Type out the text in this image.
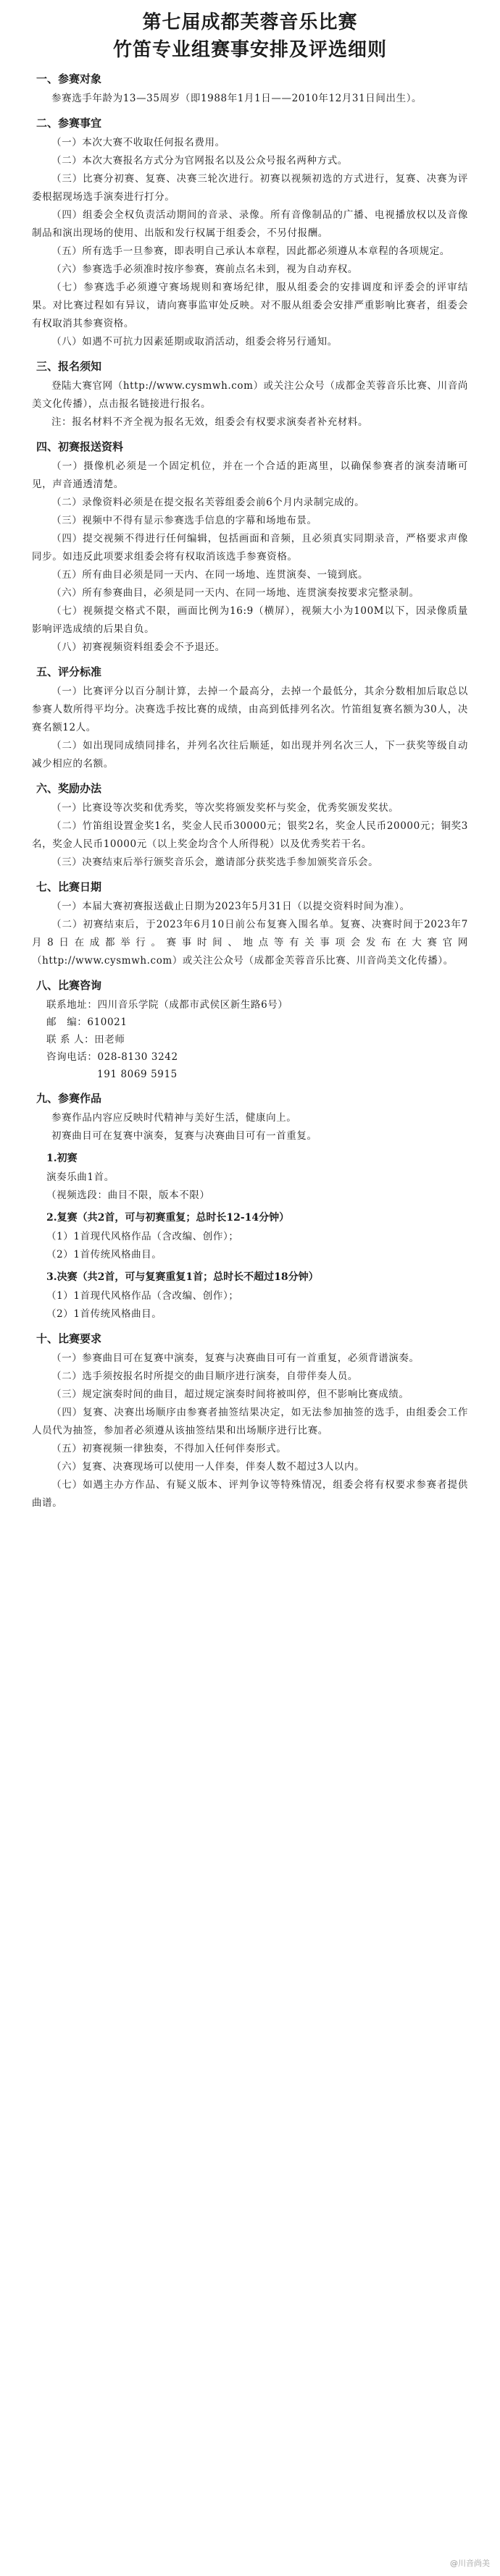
第七届成都芙蓉音乐比赛
竹笛专业组赛事安排及评选细则
一、参赛对象

参赛选手年龄为13—35周岁（即1988年1月1日——2010年12月31日间出生）。

二、参赛事宜

（一）本次大赛不收取任何报名费用。

（二）本次大赛报名方式分为官网报名以及公众号报名两种方式。

（三）比赛分初赛、复赛、决赛三轮次进行。初赛以视频初选的方式进行，复赛、决赛为评委根据现场选手演奏进行打分。

（四）组委会全权负责活动期间的音录、录像。所有音像制品的广播、电视播放权以及音像制品和演出现场的使用、出版和发行权属于组委会，不另付报酬。

（五）所有选手一旦参赛，即表明自己承认本章程，因此都必须遵从本章程的各项规定。

（六）参赛选手必须准时按序参赛，赛前点名未到，视为自动弃权。

（七）参赛选手必须遵守赛场规则和赛场纪律，服从组委会的安排调度和评委会的评审结果。对比赛过程如有异议，请向赛事监审处反映。对不服从组委会安排严重影响比赛者，组委会有权取消其参赛资格。

（八）如遇不可抗力因素延期或取消活动，组委会将另行通知。

三、报名须知

登陆大赛官网（http://www.cysmwh.com）或关注公众号（成都金芙蓉音乐比赛、川音尚美文化传播），点击报名链接进行报名。

注：报名材料不齐全视为报名无效，组委会有权要求演奏者补充材料。

四、初赛报送资料

（一）摄像机必须是一个固定机位，并在一个合适的距离里，以确保参赛者的演奏清晰可见，声音通透清楚。

（二）录像资料必须是在提交报名芙蓉组委会前6个月内录制完成的。

（三）视频中不得有显示参赛选手信息的字幕和场地布景。

（四）提交视频不得进行任何编辑，包括画面和音频，且必须真实同期录音，严格要求声像同步。如违反此项要求组委会将有权取消该选手参赛资格。

（五）所有曲目必须是同一天内、在同一场地、连贯演奏、一镜到底。

（六）所有参赛曲目，必须是同一天内、在同一场地、连贯演奏按要求完整录制。

（七）视频提交格式不限，画面比例为16:9（横屏），视频大小为100M以下，因录像质量影响评选成绩的后果自负。

（八）初赛视频资料组委会不予退还。

五、评分标准

（一）比赛评分以百分制计算，去掉一个最高分，去掉一个最低分，其余分数相加后取总以参赛人数所得平均分。决赛选手按比赛的成绩，由高到低排列名次。竹笛组复赛名额为30人，决赛名额12人。

（二）如出现同成绩同排名，并列名次往后顺延，如出现并列名次三人，下一获奖等级自动减少相应的名额。

六、奖励办法

（一）比赛设等次奖和优秀奖，等次奖将颁发奖杯与奖金，优秀奖颁发奖状。

（二）竹笛组设置金奖1名，奖金人民币30000元；银奖2名，奖金人民币20000元；铜奖3名，奖金人民币10000元（以上奖金均含个人所得税）以及优秀奖若干名。

（三）决赛结束后举行颁奖音乐会，邀请部分获奖选手参加颁奖音乐会。

七、比赛日期

（一）本届大赛初赛报送截止日期为2023年5月31日（以提交资料时间为准）。

（二）初赛结束后，于2023年6月10日前公布复赛入围名单。复赛、决赛时间于2023年7月8日在成都举行。赛事时间、地点等有关事项会发布在大赛官网（http://www.cysmwh.com）或关注公众号（成都金芙蓉音乐比赛、川音尚美文化传播）。

八、比赛咨询
联系地址：四川音乐学院（成都市武侯区新生路6号）
邮　编：610021
联 系 人：田老师
咨询电话：028-8130 3242
191 8069 5915
九、参赛作品

参赛作品内容应反映时代精神与美好生活，健康向上。

初赛曲目可在复赛中演奏，复赛与决赛曲目可有一首重复。

1.初赛
演奏乐曲1首。
（视频选段：曲目不限，版本不限）
2.复赛（共2首，可与初赛重复；总时长12-14分钟）
（1）1首现代风格作品（含改编、创作）；
（2）1首传统风格曲目。
3.决赛（共2首，可与复赛重复1首；总时长不超过18分钟）
（1）1首现代风格作品（含改编、创作）；
（2）1首传统风格曲目。
十、比赛要求

（一）参赛曲目可在复赛中演奏，复赛与决赛曲目可有一首重复，必须背谱演奏。

（二）选手须按报名时所提交的曲目顺序进行演奏，自带伴奏人员。

（三）规定演奏时间的曲目，超过规定演奏时间将被叫停，但不影响比赛成绩。

（四）复赛、决赛出场顺序由参赛者抽签结果决定，如无法参加抽签的选手，由组委会工作人员代为抽签，参加者必须遵从该抽签结果和出场顺序进行比赛。

（五）初赛视频一律独奏，不得加入任何伴奏形式。

（六）复赛、决赛现场可以使用一人伴奏，伴奏人数不超过3人以内。

（七）如遇主办方作品、有疑义版本、评判争议等特殊情况，组委会将有权要求参赛者提供曲谱。

@川音尚美
